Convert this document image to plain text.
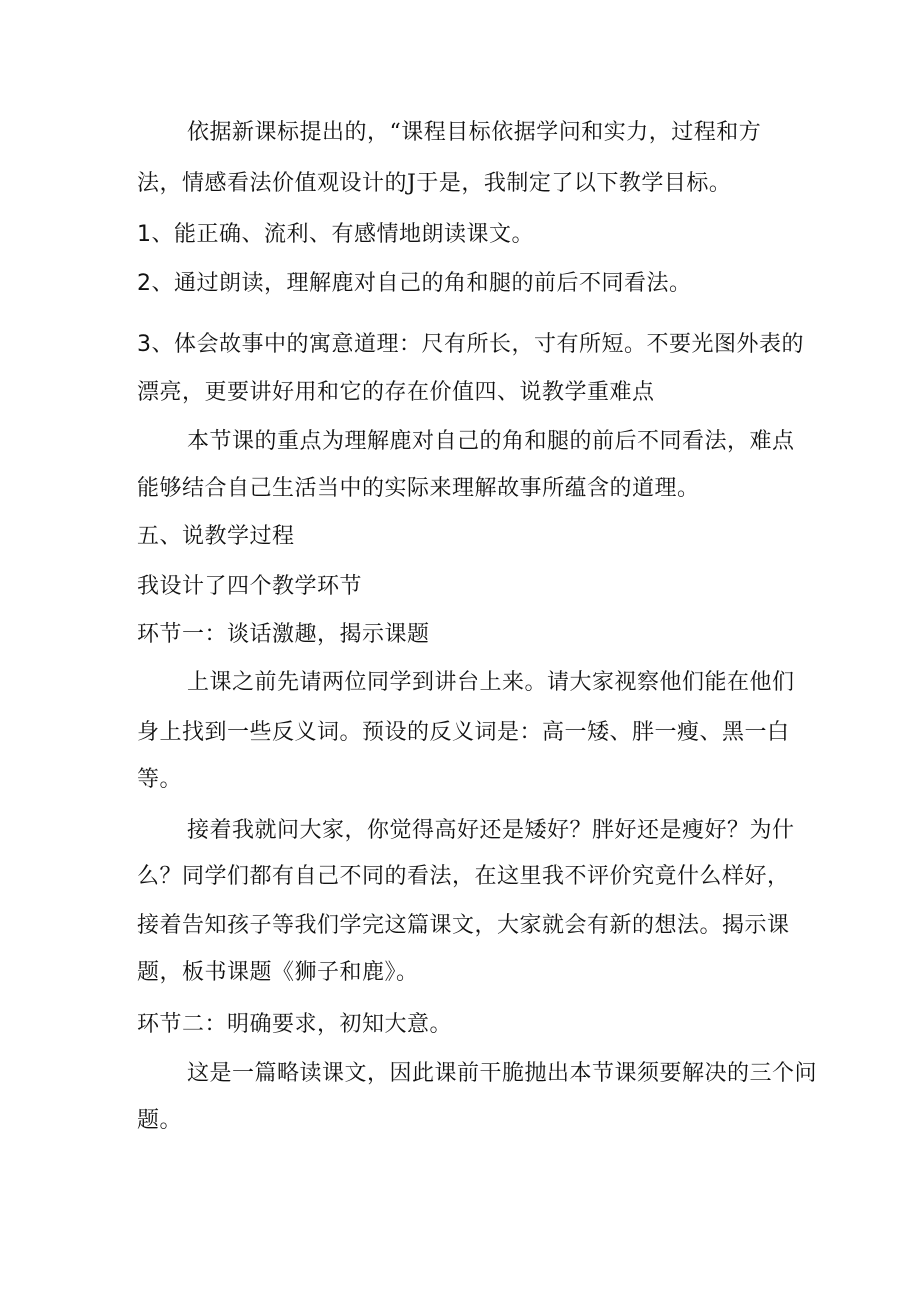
依据新课标提出的，“课程目标依据学问和实力，过程和方
法，情感看法价值观设计的J于是，我制定了以下教学目标。
1、能正确、流利、有感情地朗读课文。
2、通过朗读，理解鹿对自己的角和腿的前后不同看法。
3、体会故事中的寓意道理：尺有所长，寸有所短。不要光图外表的
漂亮，更要讲好用和它的存在价值四、说教学重难点
本节课的重点为理解鹿对自己的角和腿的前后不同看法，难点
能够结合自己生活当中的实际来理解故事所蕴含的道理。
五、说教学过程
我设计了四个教学环节
环节一：谈话激趣，揭示课题
上课之前先请两位同学到讲台上来。请大家视察他们能在他们
身上找到一些反义词。预设的反义词是：高一矮、胖一瘦、黑一白
等。
接着我就问大家，你觉得高好还是矮好？胖好还是瘦好？为什
么？同学们都有自己不同的看法，在这里我不评价究竟什么样好，
接着告知孩子等我们学完这篇课文，大家就会有新的想法。揭示课
题，板书课题《狮子和鹿》。
环节二：明确要求，初知大意。
这是一篇略读课文，因此课前干脆抛出本节课须要解决的三个问
题。
